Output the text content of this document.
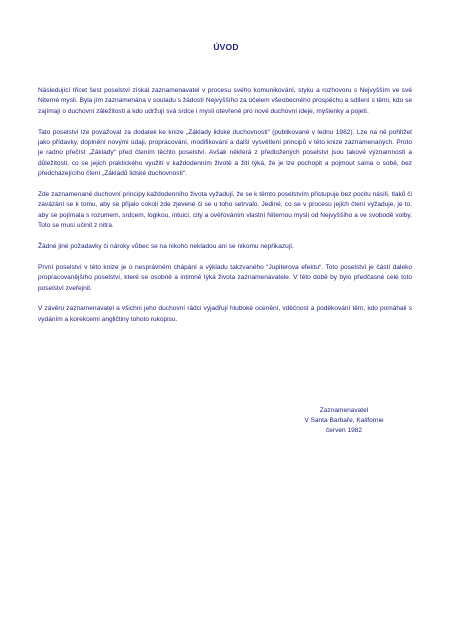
ÚVOD

Následující třicet šest poselství získal zaznamenavatel v procesu svého komunikování, styku a rozhovoru s Nejvyšším ve své Niterné mysli. Byla jím zaznamenána v souladu s žádostí Nejvyššího za účelem všeobecného prospěchu a sdílení s těmi, kdo se zajímají o duchovní záležitosti a kdo udržují svá srdce i mysli otevřené pro nové duchovní ideje, myšlenky a pojetí.

Tato poselství lze považovat za dodatek ke knize „Základy lidské duchovnosti“ (publikované v lednu 1982). Lze na ně pohlížet jako přídavky, doplnění novými údaji, propracování, modifikování a další vysvětlení principů v této knize zaznamenaných. Proto je radno přečíst „Základy“ před čtením těchto poselství. Avšak některá z předložených poselství jsou takové významnosti a důležitosti, co se jejich praktického využití v každodenním životě a žití týká, že je lze pochopit a pojmout sama o sobě, bez předcházejícího čtení „Základů lidské duchovnosti“.

Zde zaznamenané duchovní principy každodenního života vyžadují, že se k těmto poselstvím přistupuje bez pocitu násilí, tlaků či zavázání se k tomu, aby se přijalo cokoli zde zjevené či se u toho setrvalo. Jediné, co se v procesu jejich čtení vyžaduje, je to, aby se pojímala s rozumem, srdcem, logikou, intuicí, city a ověřováním vlastní Niternou myslí od Nejvyššího a ve svobodě volby. Toto se musí učinit z nitra.

Žádné jiné požadavky či nároky vůbec se na nikoho nekladou ani se nikomu nepřikazují.

První poselství v této knize je o nesprávném chápání a výkladu takzvaného “Jupiterova efektu“. Toto poselství je částí daleko propracovanějšího poselství, které se osobně a intimně týká života zaznamenavatele. V této době by bylo předčasné celé toto poselství zveřejnit.

V závěru zaznamenavatel a všichni jeho duchovní rádci vyjadřují hluboké ocenění, vděčnost a poděkování těm, kdo pomáhali s vydáním a korekcemi angličtiny tohoto rukopisu.

Zaznamenavatel
V Santa Barbaře, Kalifornie
červen 1982
